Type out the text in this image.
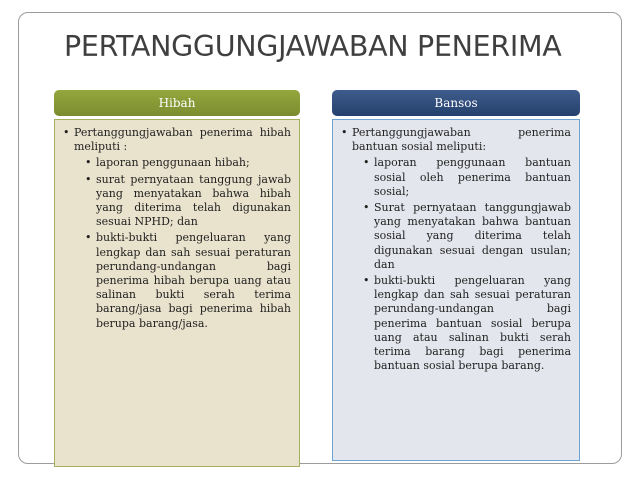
PERTANGGUNGJAWABAN PENERIMA
Hibah
• Pertanggungjawaban penerima hibah meliputi :
• laporan penggunaan hibah;
• surat pernyataan tanggung jawab yang menyatakan bahwa hibah yang diterima telah digunakan sesuai NPHD; dan
• bukti-bukti pengeluaran yang lengkap dan sah sesuai peraturan perundang-undangan bagi penerima hibah berupa uang atau salinan bukti serah terima barang/jasa bagi penerima hibah berupa barang/jasa.
Bansos
• Pertanggungjawaban penerima bantuan sosial meliputi:
• laporan penggunaan bantuan sosial oleh penerima bantuan sosial;
• Surat pernyataan tanggungjawab yang menyatakan bahwa bantuan sosial yang diterima telah digunakan sesuai dengan usulan; dan
• bukti-bukti pengeluaran yang lengkap dan sah sesuai peraturan perundang-undangan bagi penerima bantuan sosial berupa uang atau salinan bukti serah terima barang bagi penerima bantuan sosial berupa barang.
